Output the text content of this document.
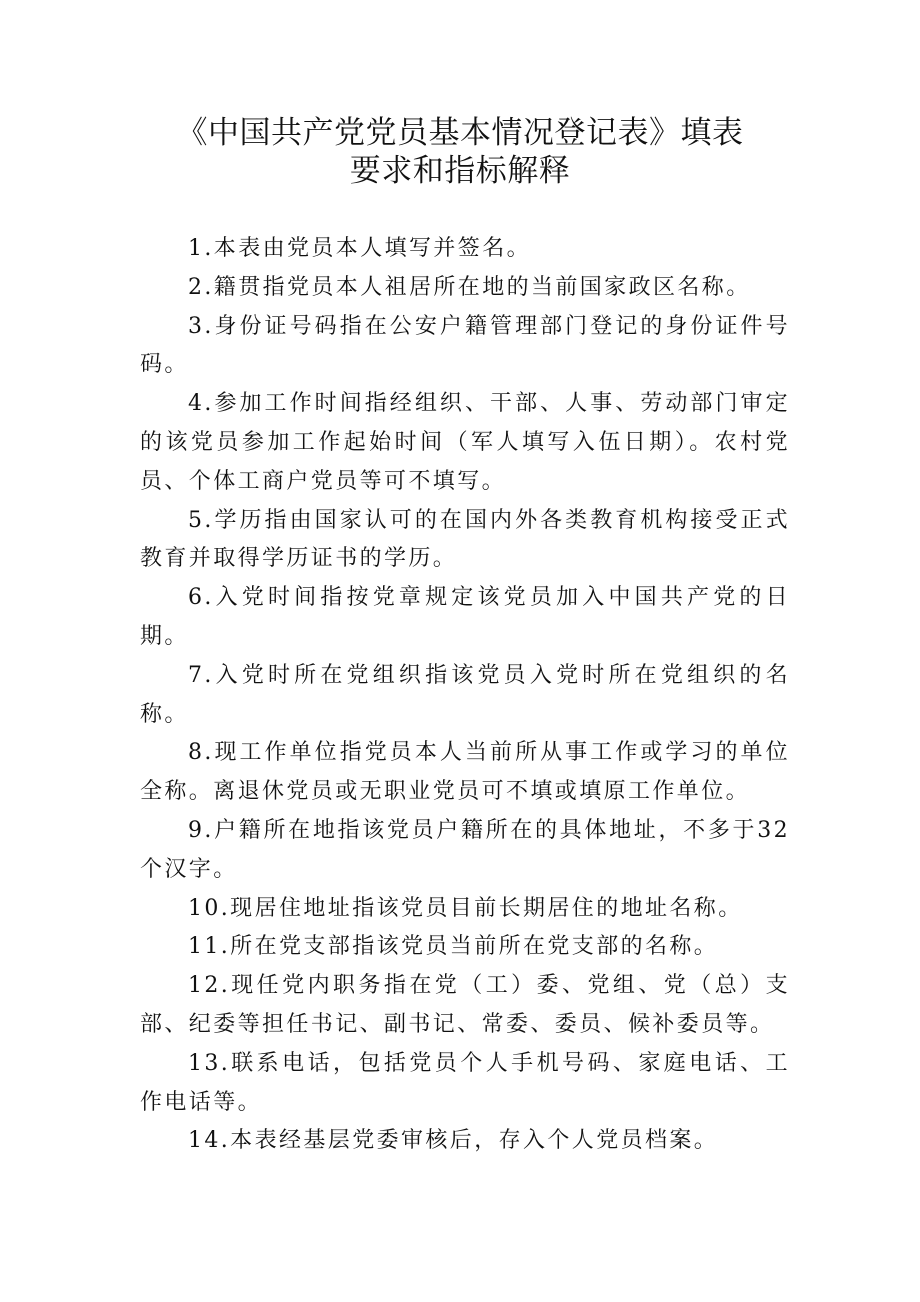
《中国共产党党员基本情况登记表》填表
要求和指标解释

1.本表由党员本人填写并签名。

2.籍贯指党员本人祖居所在地的当前国家政区名称。

3.身份证号码指在公安户籍管理部门登记的身份证件号码。

4.参加工作时间指经组织、干部、人事、劳动部门审定的该党员参加工作起始时间（军人填写入伍日期）。农村党员、个体工商户党员等可不填写。

5.学历指由国家认可的在国内外各类教育机构接受正式教育并取得学历证书的学历。

6.入党时间指按党章规定该党员加入中国共产党的日期。

7.入党时所在党组织指该党员入党时所在党组织的名称。

8.现工作单位指党员本人当前所从事工作或学习的单位全称。离退休党员或无职业党员可不填或填原工作单位。

9.户籍所在地指该党员户籍所在的具体地址，不多于32个汉字。

10.现居住地址指该党员目前长期居住的地址名称。

11.所在党支部指该党员当前所在党支部的名称。

12.现任党内职务指在党（工）委、党组、党（总）支部、纪委等担任书记、副书记、常委、委员、候补委员等。

13.联系电话，包括党员个人手机号码、家庭电话、工作电话等。

14.本表经基层党委审核后，存入个人党员档案。
